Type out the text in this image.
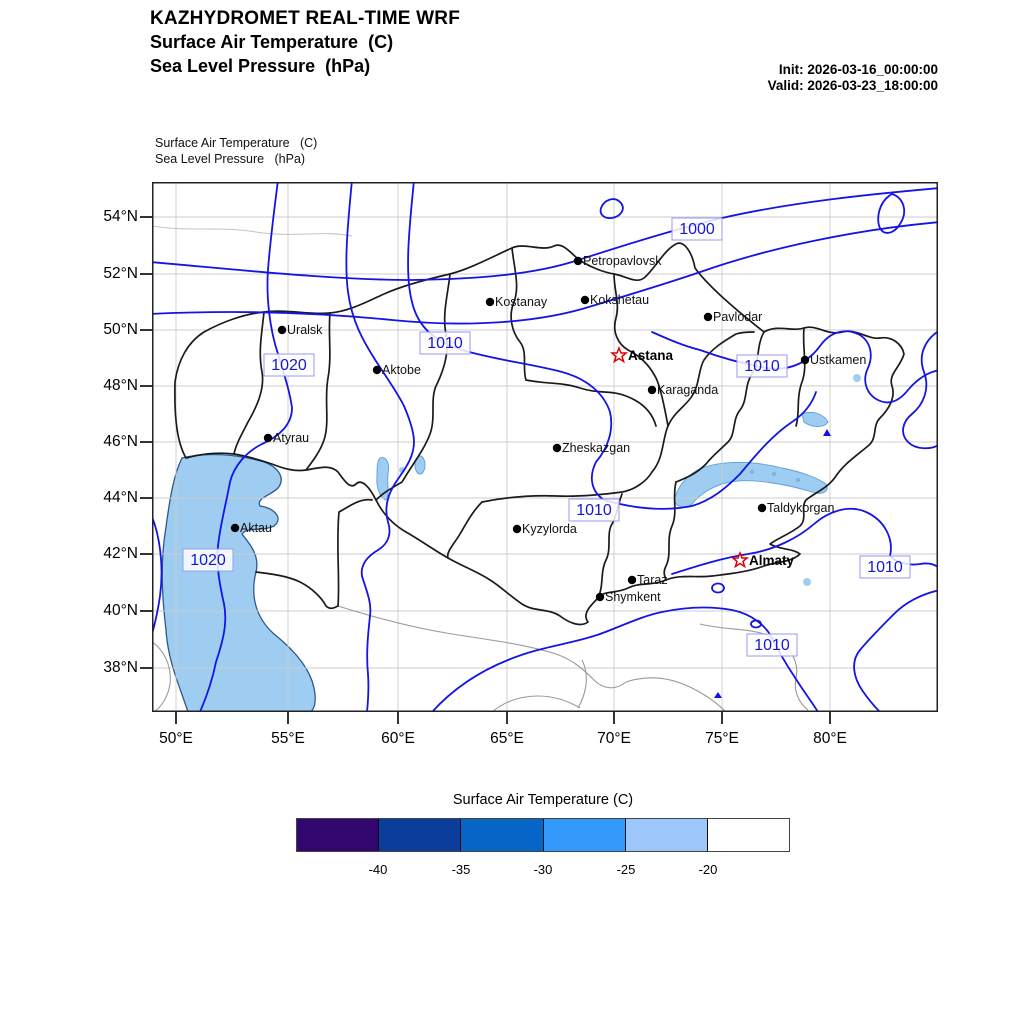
KAZHYDROMET REAL-TIME WRF
Surface Air Temperature  (C)
Sea Level Pressure  (hPa)	Init: 2026-03-16_00:00:00
Valid: 2026-03-23_18:00:00
Surface Air Temperature   (C)
Sea Level Pressure   (hPa)
54°N
52°N
50°N
48°N
46°N
44°N
42°N
40°N
38°N
50°E	55°E	60°E	65°E	70°E	75°E	80°E
1000
1010
1020	1010
1010
1020	1010
1010
Petropavlovsk
Kostanay	Kokshetau
Pavlodar
Uralsk
Aktobe
Astana
Karaganda
Atyrau
Zheskazgan
Aktau	Kyzylorda
Taldykorgan
Almaty
Taraz
Shymkent
Ustkamen
Surface Air Temperature (C)
-40	-35	-30	-25	-20
